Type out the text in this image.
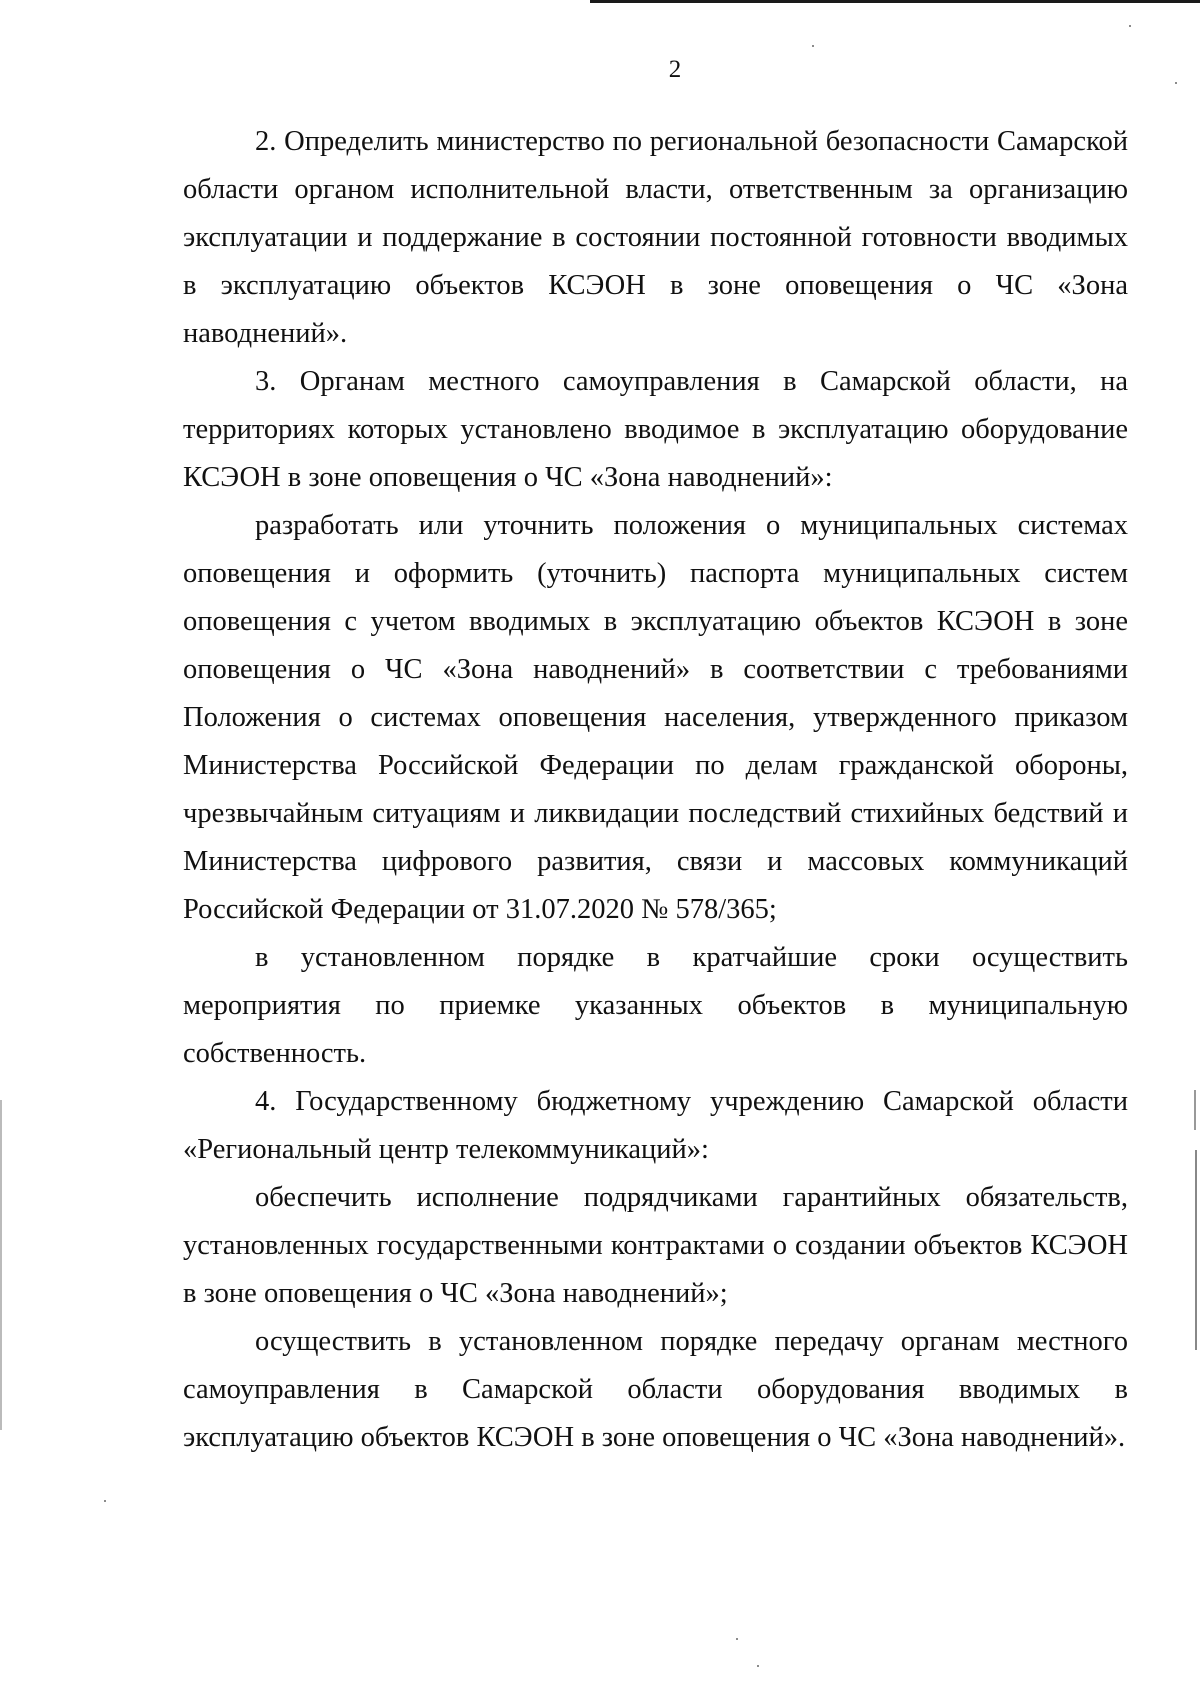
2

2. Определить министерство по региональной безопасности Самарской области органом исполнительной власти, ответственным за организацию эксплуатации и поддержание в состоянии постоянной готовности вводимых в эксплуатацию объектов КСЭОН в зоне оповещения о ЧС «Зона наводнений».

3. Органам местного самоуправления в Самарской области, на территориях которых установлено вводимое в эксплуатацию оборудование КСЭОН в зоне оповещения о ЧС «Зона наводнений»:

разработать или уточнить положения о муниципальных системах оповещения и оформить (уточнить) паспорта муниципальных систем оповещения с учетом вводимых в эксплуатацию объектов КСЭОН в зоне оповещения о ЧС «Зона наводнений» в соответствии с требованиями Положения о системах оповещения населения, утвержденного приказом Министерства Российской Федерации по делам гражданской обороны, чрезвычайным ситуациям и ликвидации последствий стихийных бедствий и Министерства цифрового развития, связи и массовых коммуникаций Российской Федерации от 31.07.2020 № 578/365;

в установленном порядке в кратчайшие сроки осуществить мероприятия по приемке указанных объектов в муниципальную собственность.

4. Государственному бюджетному учреждению Самарской области «Региональный центр телекоммуникаций»:

обеспечить исполнение подрядчиками гарантийных обязательств, установленных государственными контрактами о создании объектов КСЭОН в зоне оповещения о ЧС «Зона наводнений»;

осуществить в установленном порядке передачу органам местного самоуправления в Самарской области оборудования вводимых в эксплуатацию объектов КСЭОН в зоне оповещения о ЧС «Зона наводнений».
